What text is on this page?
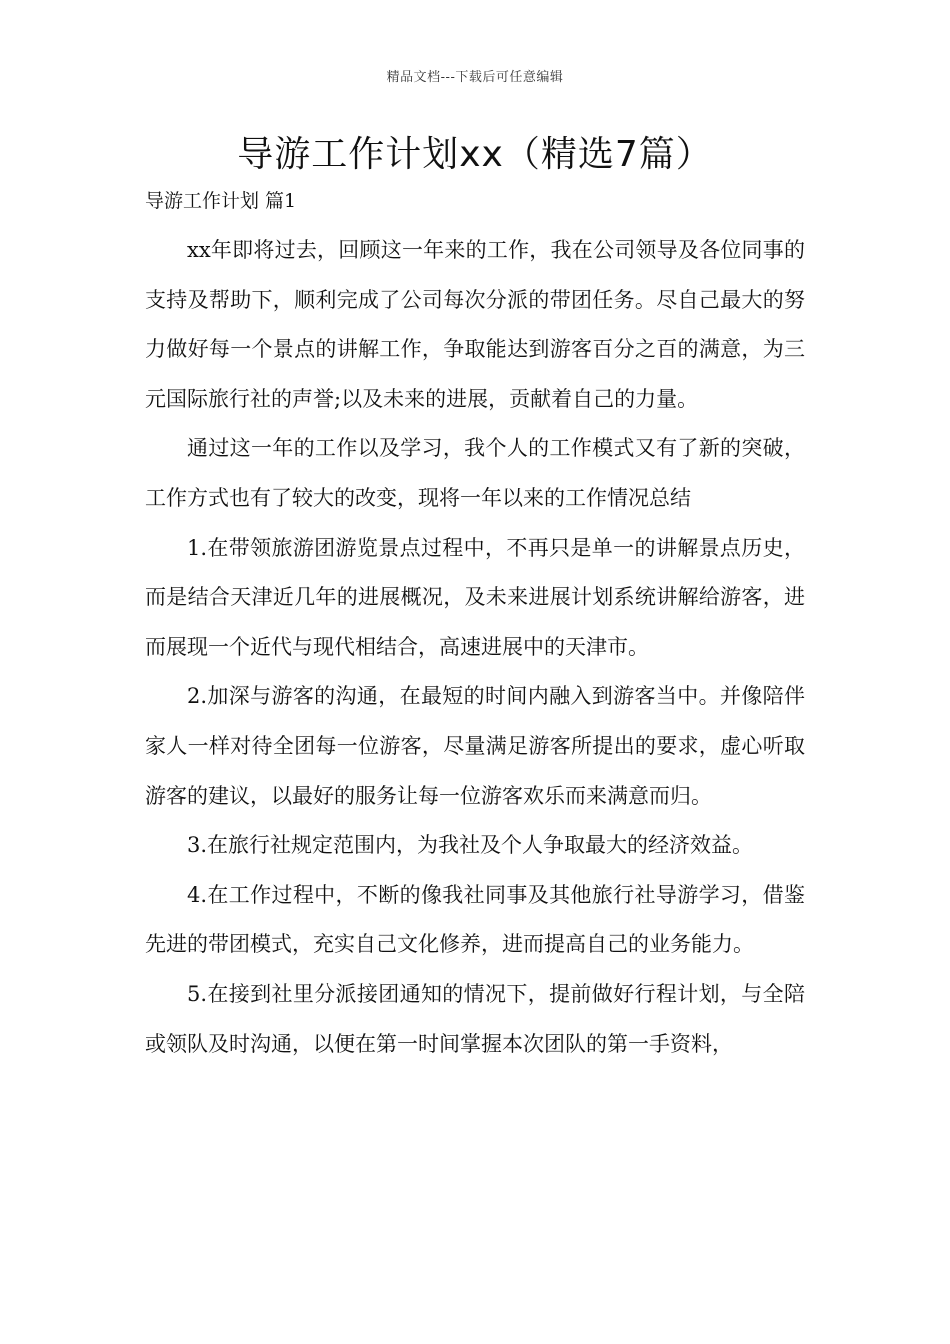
精品文档---下载后可任意编辑
导游工作计划xx（精选7篇）
导游工作计划 篇1

xx年即将过去，回顾这一年来的工作，我在公司领导及各位同事的支持及帮助下，顺利完成了公司每次分派的带团任务。尽自己最大的努力做好每一个景点的讲解工作，争取能达到游客百分之百的满意，为三元国际旅行社的声誉;以及未来的进展，贡献着自己的力量。

通过这一年的工作以及学习，我个人的工作模式又有了新的突破，工作方式也有了较大的改变，现将一年以来的工作情况总结

1.在带领旅游团游览景点过程中，不再只是单一的讲解景点历史，而是结合天津近几年的进展概况，及未来进展计划系统讲解给游客，进而展现一个近代与现代相结合，高速进展中的天津市。

2.加深与游客的沟通，在最短的时间内融入到游客当中。并像陪伴家人一样对待全团每一位游客，尽量满足游客所提出的要求，虚心听取游客的建议，以最好的服务让每一位游客欢乐而来满意而归。

3.在旅行社规定范围内，为我社及个人争取最大的经济效益。

4.在工作过程中，不断的像我社同事及其他旅行社导游学习，借鉴先进的带团模式，充实自己文化修养，进而提高自己的业务能力。

5.在接到社里分派接团通知的情况下，提前做好行程计划，与全陪或领队及时沟通，以便在第一时间掌握本次团队的第一手资料，
